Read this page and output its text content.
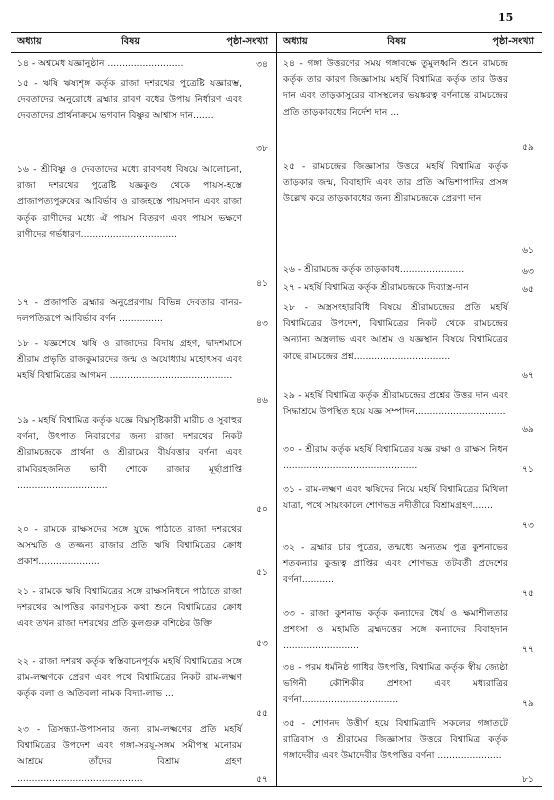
15
অধ্যায়	বিষয়	পৃষ্ঠা-সংখ্যা
১৪ - অশ্বমেধ যজ্ঞানুষ্ঠান ..........................	৩৪
১৫ - ঋষি ঋষ্যশৃঙ্গ কর্তৃক রাজা দশরথের পুত্রেষ্টি যজ্ঞারম্ভ, দেবতাদের অনুরোধে ব্রহ্মার রাবণ বধের উপায় নির্ধারণ এবং দেবতাদের প্রার্থনাক্রমে ভগবান বিষ্ণুর আশ্বাস দান.......
৩৮
১৬ - শ্রীবিষ্ণু ও দেবতাদের মধ্যে রাবণবধ বিষয়ে আলোচনা, রাজা দশরথের পুত্রেষ্টি যজ্ঞকুণ্ড থেকে পায়স-হস্তে প্রাজাপত্যপুরুষের আবির্ভাব ও রাজহস্তে পায়সদান এবং রাজা কর্তৃক রাণীদের মধ্যে ঐ পায়স বিতরণ এবং পায়স ভক্ষণে রাণীদের গর্ভধারণ.................................
৪১
১৭ - প্রজাপতি ব্রহ্মার অনুপ্রেরণায় বিভিন্ন দেবতার বানর-দলপতিরূপে আবির্ভাব বর্ণন ...............	৪৩
১৮ - যজ্ঞশেষে ঋষি ও রাজাদের বিদায় গ্রহণ, দ্বাদশমাসে শ্রীরাম প্রভৃতি রাজকুমারদের জন্ম ও অযোধ্যায় মহোৎসব এবং মহর্ষি বিশ্বামিত্রের আগমন ..........................................
৪৬
১৯ - মহর্ষি বিশ্বামিত্র কর্তৃক যজ্ঞে বিঘ্নসৃষ্টিকারী মারীচ ও সুবাহুর বর্ণনা, উৎপাত নিবারণের জন্য রাজা দশরথের নিকট শ্রীরামচন্দ্রকে প্রার্থনা ও শ্রীরামের বীর্যবত্তার বর্ণনা এবং রামবিরহজনিত ভাবী শোকে রাজার মূর্ছাপ্রাপ্তি ...............................
৫০
২০ - রামকে রাক্ষসদের সঙ্গে যুদ্ধে পাঠাতে রাজা দশরথের অসম্মতি ও তজ্জন্য রাজার প্রতি ঋষি বিশ্বামিত্রের ক্রোধ প্রকাশ.....................
৫১
২১ - রামকে ঋষি বিশ্বামিত্রের সঙ্গে রাক্ষসনিধনে পাঠাতে রাজা দশরথের আপত্তির কারণসূচক কথা শুনে বিশ্বামিত্রের ক্রোধ এবং তখন রাজা দশরথের প্রতি কুলগুরু বশিষ্ঠের উক্তি
৫৩
২২ - রাজা দশরথ কর্তৃক স্বস্তিবাচনপূর্বক মহর্ষি বিশ্বামিত্রের সঙ্গে রাম-লক্ষ্মণকে প্রেরণ এবং পথে বিশ্বামিত্রের নিকট রাম-লক্ষ্মণ কর্তৃক বলা ও অতিবলা নামক বিদ্যা-লাভ ...
৫৫
২৩ - ত্রিসন্ধ্যা-উপাসনার জন্য রাম-লক্ষ্মণের প্রতি মহর্ষি বিশ্বামিত্রের উপদেশ এবং গঙ্গা-সরযূ-সঙ্গম সমীপস্থ মনোরম আশ্রমে তাঁদের বিশ্রাম গ্রহণ ...........................................	৫৭
অধ্যায়	বিষয়	পৃষ্ঠা-সংখ্যা
২৪ - গঙ্গা উত্তরণের সময় গঙ্গাবক্ষে তুমুলধ্বনি শুনে রামচন্দ্র কর্তৃক তার কারণ জিজ্ঞাসায় মহর্ষি বিশ্বামিত্র কর্তৃক তার উত্তর দান এবং তাড়কাসুরের বাসস্থলের ভয়ঙ্করত্ব বর্ণনান্তে রামচন্দ্রের প্রতি তাড়কাবধের নির্দেশ দান ...
৫৯
২৫ - রামচন্দ্রের জিজ্ঞাসার উত্তরে মহর্ষি বিশ্বামিত্র কর্তৃক তাড়কার জন্ম, বিবাহাদি এবং তার প্রতি অভিশাপাদির প্রসঙ্গ উল্লেখ করে তাড়কাবধের জন্য শ্রীরামচন্দ্রকে প্রেরণা দান
৬১
২৬ - শ্রীরামচন্দ্র কর্তৃক তাড়কাবধ......................	৬৩
২৭ - মহর্ষি বিশ্বামিত্র কর্তৃক শ্রীরামচন্দ্রকে দিব্যাস্ত্র-দান	৬৫
২৮ - অস্ত্রসংহারবিধি বিষয়ে শ্রীরামচন্দ্রের প্রতি মহর্ষি বিশ্বামিত্রের উপদেশ, বিশ্বামিত্রের নিকট থেকে রামচন্দ্রের অন্যান্য অস্ত্রলাভ এবং আশ্রম ও যজ্ঞস্থান বিষয়ে বিশ্বামিত্রের কাছে রামচন্দ্রের প্রশ্ন.................................
৬৭
২৯ - মহর্ষি বিশ্বামিত্র কর্তৃক শ্রীরামচন্দ্রের প্রশ্নের উত্তর দান এবং সিদ্ধাশ্রমে উপস্থিত হয়ে যজ্ঞ সম্পাদন...............................
৬৯
৩০ - শ্রীরাম কর্তৃক মহর্ষি বিশ্বামিত্রের যজ্ঞ রক্ষা ও রাক্ষস নিধন ..............................................	৭১
৩১ - রাম-লক্ষ্মণ এবং ঋষিদের নিয়ে মহর্ষি বিশ্বামিত্রের মিথিলা যাত্রা, পথে সায়ংকালে শোণভদ্র নদীতীরে বিশ্রামগ্রহণ.......
৭৩
৩২ - ব্রহ্মার চার পুত্রের, তন্মধ্যে অন্যতম পুত্র কুশনাভের শতকন্যার কুব্জত্ব প্রাপ্তির এবং শোণভদ্র তটবর্তী প্রদেশের বর্ণনা...........
৭৫
৩৩ - রাজা কুশনাভ কর্তৃক কন্যাদের ধৈর্য ও ক্ষমাশীলতার প্রশংসা ও মহামতি ব্রহ্মদত্তের সঙ্গে কন্যাদের বিবাহদান ..........................	৭৭
৩৪ - পরম ধর্মনিষ্ঠ গাধির উৎপত্তি, বিশ্বামিত্র কর্তৃক স্বীয় জ্যেষ্ঠা ভগিনী কৌশিকীর প্রশংসা এবং মধ্যরাত্রির বর্ণনা.................................	৭৯
৩৫ - শোণনদ উত্তীর্ণ হয়ে বিশ্বামিত্রাদি সকলের গঙ্গাতটে রাত্রিবাস ও শ্রীরামের জিজ্ঞাসার উত্তরে বিশ্বামিত্র কর্তৃক গঙ্গাদেবীর এবং উমাদেবীর উৎপত্তির বর্ণনা ......................
৮১
